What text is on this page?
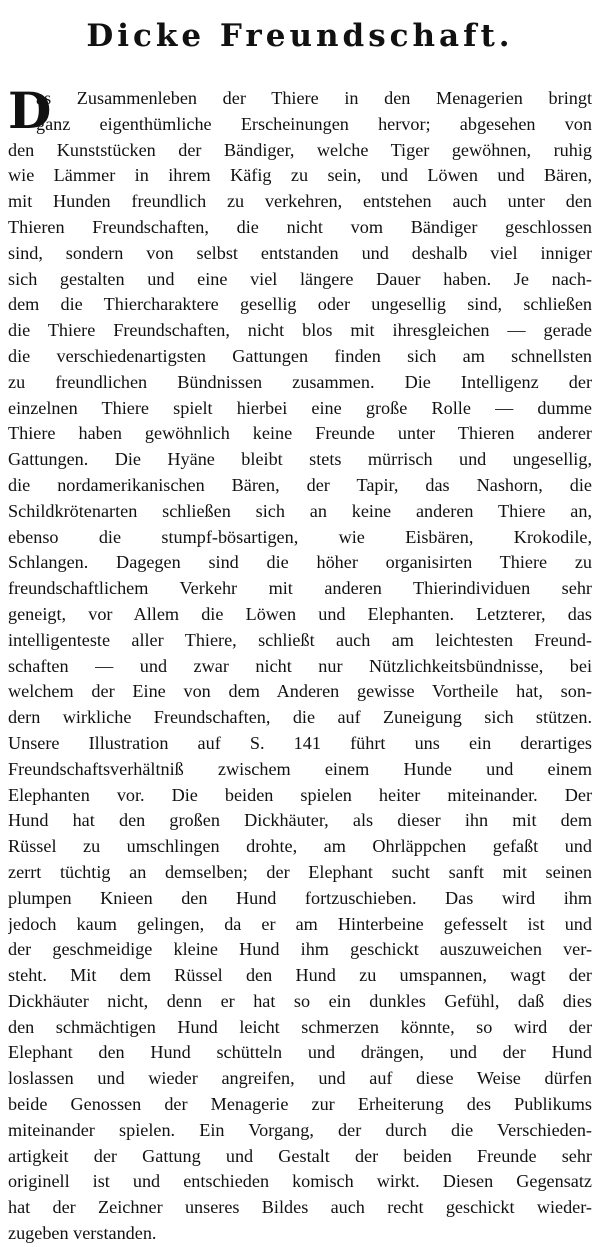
Dicke Freundschaft.
D
as Zusammenleben der Thiere in den Menagerien bringt
ganz eigenthümliche Erscheinungen hervor; abgesehen von
den Kunststücken der Bändiger, welche Tiger gewöhnen, ruhig
wie Lämmer in ihrem Käfig zu sein, und Löwen und Bären,
mit Hunden freundlich zu verkehren, entstehen auch unter den
Thieren Freundschaften, die nicht vom Bändiger geschlossen
sind, sondern von selbst entstanden und deshalb viel inniger
sich gestalten und eine viel längere Dauer haben. Je nach-
dem die Thiercharaktere gesellig oder ungesellig sind, schließen
die Thiere Freundschaften, nicht blos mit ihresgleichen — gerade
die verschiedenartigsten Gattungen finden sich am schnellsten
zu freundlichen Bündnissen zusammen. Die Intelligenz der
einzelnen Thiere spielt hierbei eine große Rolle — dumme
Thiere haben gewöhnlich keine Freunde unter Thieren anderer
Gattungen. Die Hyäne bleibt stets mürrisch und ungesellig,
die nordamerikanischen Bären, der Tapir, das Nashorn, die
Schildkrötenarten schließen sich an keine anderen Thiere an,
ebenso die stumpf-bösartigen, wie Eisbären, Krokodile,
Schlangen. Dagegen sind die höher organisirten Thiere zu
freundschaftlichem Verkehr mit anderen Thierindividuen sehr
geneigt, vor Allem die Löwen und Elephanten. Letzterer, das
intelligenteste aller Thiere, schließt auch am leichtesten Freund-
schaften — und zwar nicht nur Nützlichkeitsbündnisse, bei
welchem der Eine von dem Anderen gewisse Vortheile hat, son-
dern wirkliche Freundschaften, die auf Zuneigung sich stützen.
Unsere Illustration auf S. 141 führt uns ein derartiges
Freundschaftsverhältniß zwischem einem Hunde und einem
Elephanten vor. Die beiden spielen heiter miteinander. Der
Hund hat den großen Dickhäuter, als dieser ihn mit dem
Rüssel zu umschlingen drohte, am Ohrläppchen gefaßt und
zerrt tüchtig an demselben; der Elephant sucht sanft mit seinen
plumpen Knieen den Hund fortzuschieben. Das wird ihm
jedoch kaum gelingen, da er am Hinterbeine gefesselt ist und
der geschmeidige kleine Hund ihm geschickt auszuweichen ver-
steht. Mit dem Rüssel den Hund zu umspannen, wagt der
Dickhäuter nicht, denn er hat so ein dunkles Gefühl, daß dies
den schmächtigen Hund leicht schmerzen könnte, so wird der
Elephant den Hund schütteln und drängen, und der Hund
loslassen und wieder angreifen, und auf diese Weise dürfen
beide Genossen der Menagerie zur Erheiterung des Publikums
miteinander spielen. Ein Vorgang, der durch die Verschieden-
artigkeit der Gattung und Gestalt der beiden Freunde sehr
originell ist und entschieden komisch wirkt. Diesen Gegensatz
hat der Zeichner unseres Bildes auch recht geschickt wieder-
zugeben verstanden.
